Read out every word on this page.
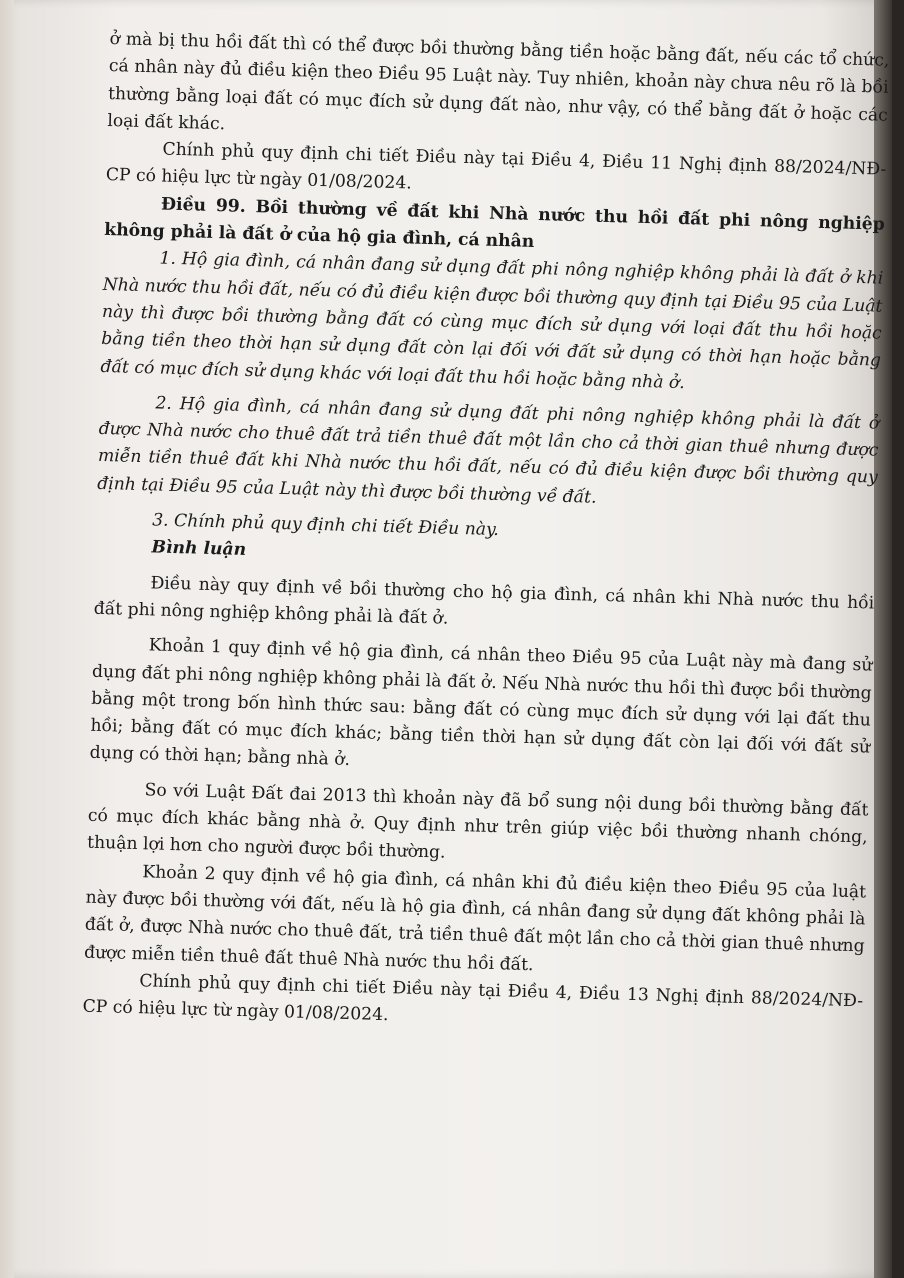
ở mà bị thu hồi đất thì có thể được bồi thường bằng tiền hoặc bằng đất, nếu các tổ chức, cá nhân này đủ điều kiện theo Điều 95 Luật này. Tuy nhiên, khoản này chưa nêu rõ là bồi thường bằng loại đất có mục đích sử dụng đất nào, như vậy, có thể bằng đất ở hoặc các loại đất khác.

Chính phủ quy định chi tiết Điều này tại Điều 4, Điều 11 Nghị định 88/2024/NĐ-CP có hiệu lực từ ngày 01/08/2024.

Điều 99. Bồi thường về đất khi Nhà nước thu hồi đất phi nông nghiệp không phải là đất ở của hộ gia đình, cá nhân

1. Hộ gia đình, cá nhân đang sử dụng đất phi nông nghiệp không phải là đất ở khi Nhà nước thu hồi đất, nếu có đủ điều kiện được bồi thường quy định tại Điều 95 của Luật này thì được bồi thường bằng đất có cùng mục đích sử dụng với loại đất thu hồi hoặc bằng tiền theo thời hạn sử dụng đất còn lại đối với đất sử dụng có thời hạn hoặc bằng đất có mục đích sử dụng khác với loại đất thu hồi hoặc bằng nhà ở.

2. Hộ gia đình, cá nhân đang sử dụng đất phi nông nghiệp không phải là đất ở được Nhà nước cho thuê đất trả tiền thuê đất một lần cho cả thời gian thuê nhưng được miễn tiền thuê đất khi Nhà nước thu hồi đất, nếu có đủ điều kiện được bồi thường quy định tại Điều 95 của Luật này thì được bồi thường về đất.

3. Chính phủ quy định chi tiết Điều này.

Bình luận

Điều này quy định về bồi thường cho hộ gia đình, cá nhân khi Nhà nước thu hồi đất phi nông nghiệp không phải là đất ở.

Khoản 1 quy định về hộ gia đình, cá nhân theo Điều 95 của Luật này mà đang sử dụng đất phi nông nghiệp không phải là đất ở. Nếu Nhà nước thu hồi thì được bồi thường bằng một trong bốn hình thức sau: bằng đất có cùng mục đích sử dụng với lại đất thu hồi; bằng đất có mục đích khác; bằng tiền thời hạn sử dụng đất còn lại đối với đất sử dụng có thời hạn; bằng nhà ở.

So với Luật Đất đai 2013 thì khoản này đã bổ sung nội dung bồi thường bằng đất có mục đích khác bằng nhà ở. Quy định như trên giúp việc bồi thường nhanh chóng, thuận lợi hơn cho người được bồi thường.

Khoản 2 quy định về hộ gia đình, cá nhân khi đủ điều kiện theo Điều 95 của luật này được bồi thường với đất, nếu là hộ gia đình, cá nhân đang sử dụng đất không phải là đất ở, được Nhà nước cho thuê đất, trả tiền thuê đất một lần cho cả thời gian thuê nhưng được miễn tiền thuê đất thuê Nhà nước thu hồi đất.

Chính phủ quy định chi tiết Điều này tại Điều 4, Điều 13 Nghị định 88/2024/NĐ-CP có hiệu lực từ ngày 01/08/2024.
